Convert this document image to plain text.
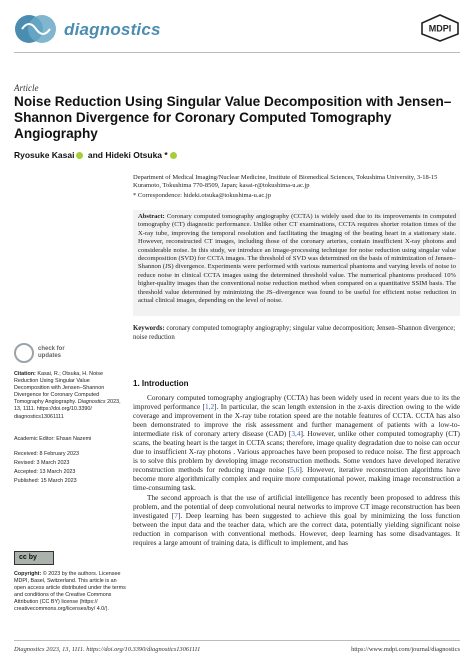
diagnostics	MDPI
Article
Noise Reduction Using Singular Value Decomposition with Jensen–Shannon Divergence for Coronary Computed Tomography Angiography
Ryosuke Kasai and Hideki Otsuka *
Department of Medical Imaging/Nuclear Medicine, Institute of Biomedical Sciences, Tokushima University, 3-18-15 Kuramoto, Tokushima 770-8509, Japan; kasai-r@tokushima-u.ac.jp
* Correspondence: hideki.otsuka@tokushima-u.ac.jp
Abstract: Coronary computed tomography angiography (CCTA) is widely used due to its improvements in computed tomography (CT) diagnostic performance. Unlike other CT examinations, CCTA requires shorter rotation times of the X-ray tube, improving the temporal resolution and facilitating the imaging of the beating heart in a stationary state. However, reconstructed CT images, including those of the coronary arteries, contain insufficient X-ray photons and considerable noise. In this study, we introduce an image-processing technique for noise reduction using singular value decomposition (SVD) for CCTA images. The threshold of SVD was determined on the basis of minimization of Jensen–Shannon (JS) divergence. Experiments were performed with various numerical phantoms and varying levels of noise to reduce noise in clinical CCTA images using the determined threshold value. The numerical phantoms produced 10% higher-quality images than the conventional noise reduction method when compared on a quantitative SSIM basis. The threshold value determined by minimizing the JS–divergence was found to be useful for efficient noise reduction in actual clinical images, depending on the level of noise.
Keywords: coronary computed tomography angiography; singular value decomposition; Jensen–Shannon divergence; noise reduction
1. Introduction

Coronary computed tomography angiography (CCTA) has been widely used in recent years due to its the improved performance [1,2]. In particular, the scan length extension in the z-axis direction owing to the wide coverage and improvement in the X-ray tube rotation speed are the notable features of CCTA. CCTA has also been demonstrated to improve the risk assessment and further management of patients with a low-to-intermediate risk of coronary artery disease (CAD) [3,4]. However, unlike other computed tomography (CT) scans, the beating heart is the target in CCTA scans; therefore, image quality degradation due to noise can occur due to insufficient X-ray photons . Various approaches have been proposed to reduce noise. The first approach is to solve this problem by developing image reconstruction methods. Some vendors have developed iterative reconstruction methods for reducing image noise [5,6]. However, iterative reconstruction algorithms have become more algorithmically complex and require more computational power, making image reconstruction a time-consuming task.

The second approach is that the use of artificial intelligence has recently been proposed to address this problem, and the potential of deep convolutional neural networks to improve CT image reconstruction has been investigated [7]. Deep learning has been suggested to achieve this goal by minimizing the loss function between the input data and the teacher data, which are the correct data, potentially yielding significant noise reduction in comparison with conventional methods. However, deep learning has some disadvantages. It requires a large amount of training data, is difficult to implement, and has

check for
updates
Citation: Kasai, R.; Otsuka, H. Noise Reduction Using Singular Value Decomposition with Jensen–Shannon Divergence for Coronary Computed Tomography Angiography. Diagnostics 2023, 13, 1111. https://doi.org/10.3390/ diagnostics13061111
Academic Editor: Ehsan Nazemi
Received: 8 February 2023
Revised: 3 March 2023
Accepted: 13 March 2023
Published: 15 March 2023
cc by
Copyright: © 2023 by the authors. Licensee MDPI, Basel, Switzerland. This article is an open access article distributed under the terms and conditions of the Creative Commons Attribution (CC BY) license (https:// creativecommons.org/licenses/by/ 4.0/).
Diagnostics 2023, 13, 1111. https://doi.org/10.3390/diagnostics13061111	https://www.mdpi.com/journal/diagnostics
